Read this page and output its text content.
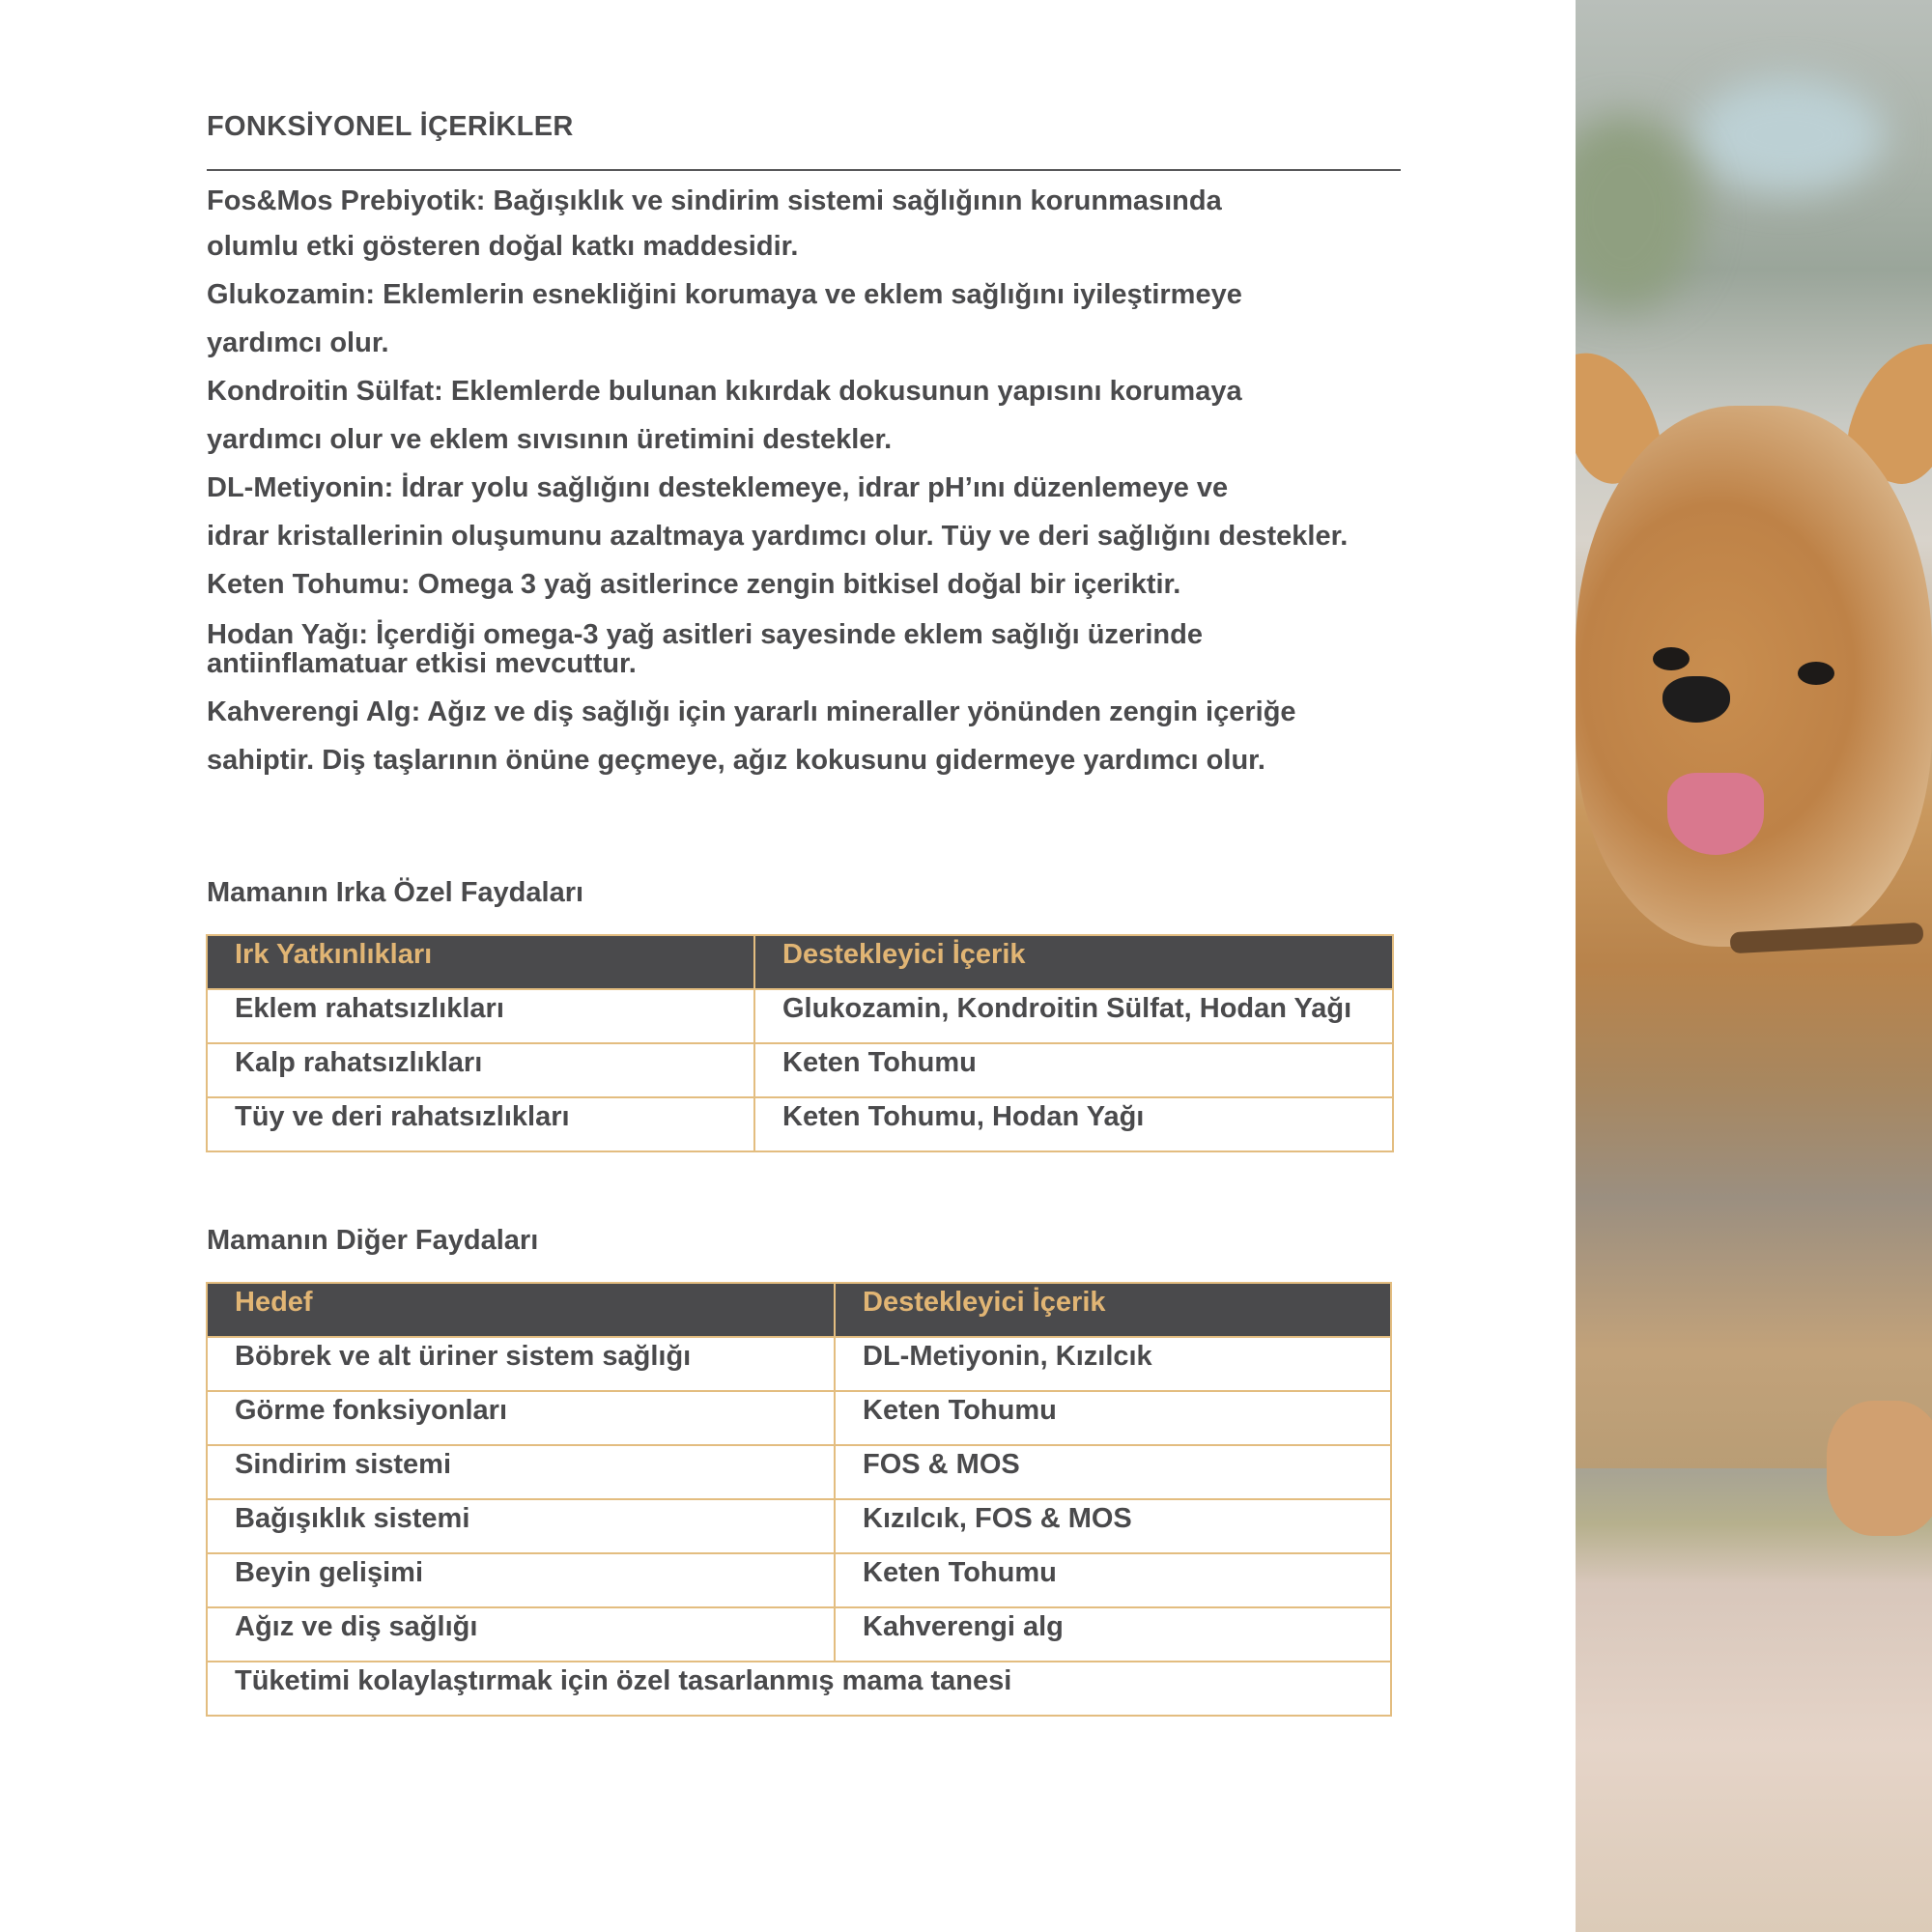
FONKSİYONEL İÇERİKLER

Fos&Mos Prebiyotik: Bağışıklık ve sindirim sistemi sağlığının korunmasında
olumlu etki gösteren doğal katkı maddesidir.

Glukozamin: Eklemlerin esnekliğini korumaya ve eklem sağlığını iyileştirmeye
yardımcı olur.

Kondroitin Sülfat: Eklemlerde bulunan kıkırdak dokusunun yapısını korumaya
yardımcı olur ve eklem sıvısının üretimini destekler.

DL-Metiyonin: İdrar yolu sağlığını desteklemeye, idrar pH’ını düzenlemeye ve
idrar kristallerinin oluşumunu azaltmaya yardımcı olur. Tüy ve deri sağlığını destekler.

Keten Tohumu: Omega 3 yağ asitlerince zengin bitkisel doğal bir içeriktir.

Hodan Yağı: İçerdiği omega-3 yağ asitleri sayesinde eklem sağlığı üzerinde
antiinflamatuar etkisi mevcuttur.

Kahverengi Alg: Ağız ve diş sağlığı için yararlı mineraller yönünden zengin içeriğe
sahiptir. Diş taşlarının önüne geçmeye, ağız kokusunu gidermeye yardımcı olur.

Mamanın Irka Özel Faydaları
Irk Yatkınlıkları	Destekleyici İçerik
Eklem rahatsızlıkları	Glukozamin, Kondroitin Sülfat, Hodan Yağı
Kalp rahatsızlıkları	Keten Tohumu
Tüy ve deri rahatsızlıkları	Keten Tohumu, Hodan Yağı
Mamanın Diğer Faydaları
Hedef	Destekleyici İçerik
Böbrek ve alt üriner sistem sağlığı	DL-Metiyonin, Kızılcık
Görme fonksiyonları	Keten Tohumu
Sindirim sistemi	FOS & MOS
Bağışıklık sistemi	Kızılcık, FOS & MOS
Beyin gelişimi	Keten Tohumu
Ağız ve diş sağlığı	Kahverengi alg
Tüketimi kolaylaştırmak için özel tasarlanmış mama tanesi	
